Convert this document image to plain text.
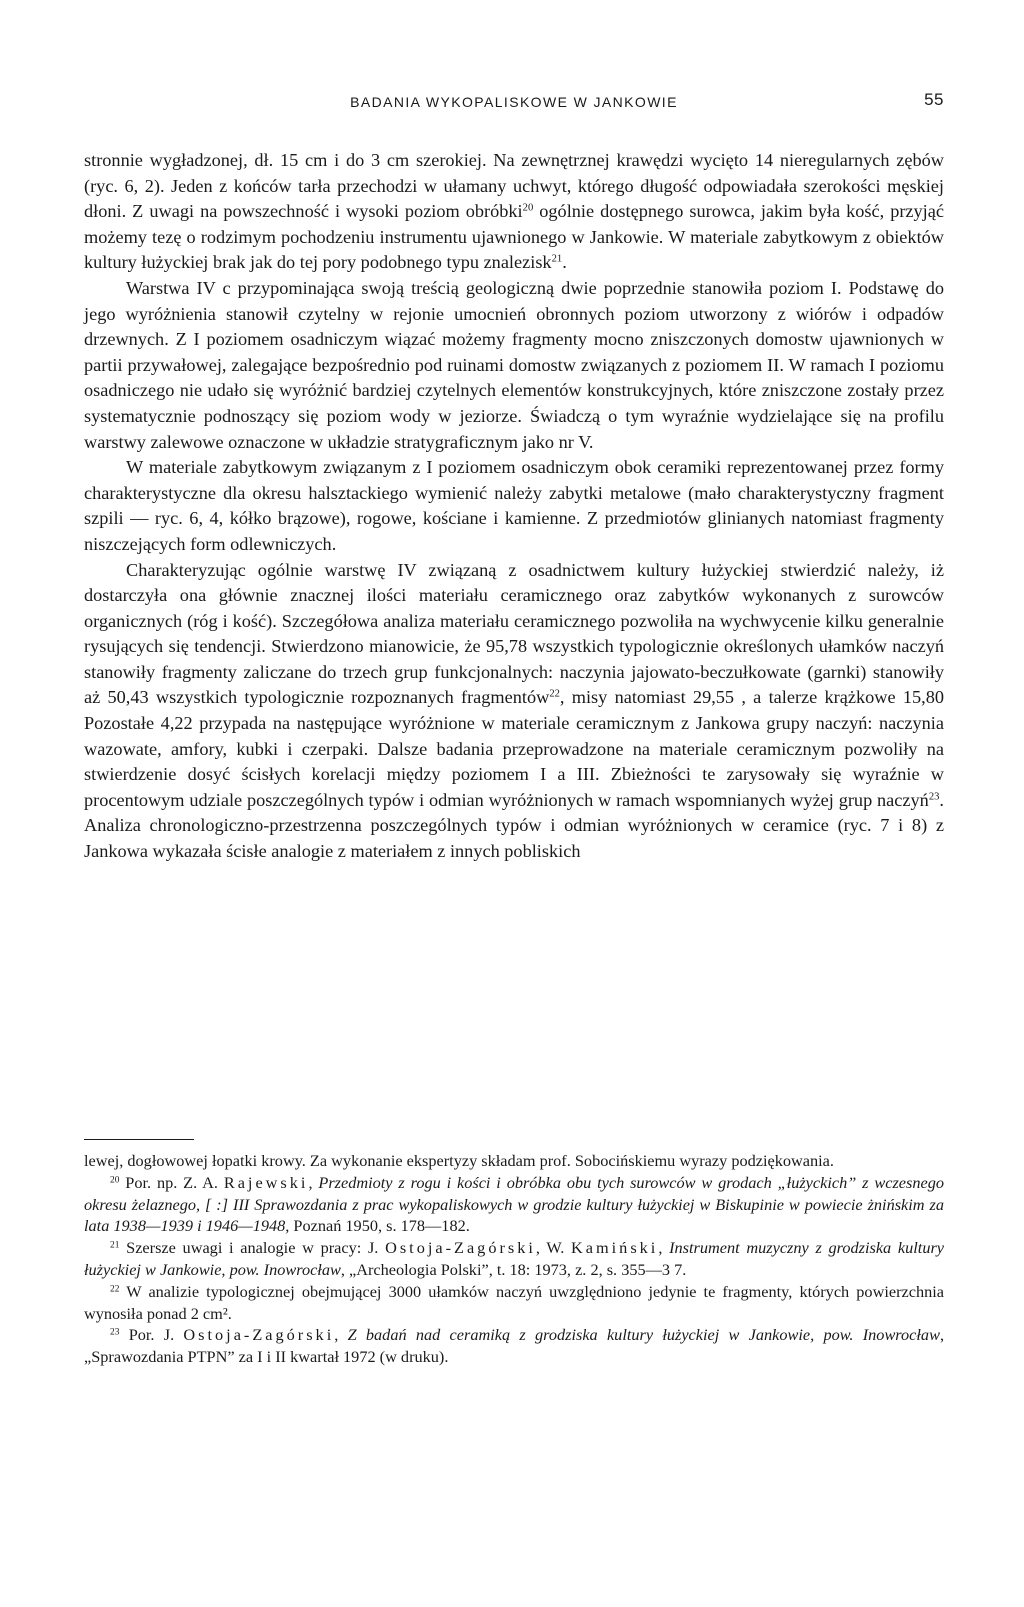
BADANIA WYKOPALISKOWE W JANKOWIE	55

stronnie wygładzonej, dł. 15 cm i do 3 cm szerokiej. Na zewnętrznej krawędzi wycięto 14 nieregularnych zębów (ryc. 6, 2). Jeden z końców tarła przechodzi w ułamany uchwyt, którego długość odpowiadała szerokości męskiej dłoni. Z uwagi na powszechność i wysoki poziom obróbki$^{20}$ ogólnie dostępnego surowca, jakim była kość, przyjąć możemy tezę o rodzimym pochodzeniu instrumentu ujawnionego w Jankowie. W materiale zabytkowym z obiektów kultury łużyckiej brak jak do tej pory podobnego typu znalezisk$^{21}$.

Warstwa IV c przypominająca swoją treścią geologiczną dwie poprzednie stanowiła poziom I. Podstawę do jego wyróżnienia stanowił czytelny w rejonie umocnień obronnych poziom utworzony z wiórów i odpadów drzewnych. Z I poziomem osadniczym wiązać możemy fragmenty mocno zniszczonych domostw ujawnionych w partii przywałowej, zalegające bezpośrednio pod ruinami domostw związanych z poziomem II. W ramach I poziomu osadniczego nie udało się wyróżnić bardziej czytelnych elementów konstrukcyjnych, które zniszczone zostały przez systematycznie podnoszący się poziom wody w jeziorze. Świadczą o tym wyraźnie wydzielające się na profilu warstwy zalewowe oznaczone w układzie stratygraficznym jako nr V.

W materiale zabytkowym związanym z I poziomem osadniczym obok ceramiki reprezentowanej przez formy charakterystyczne dla okresu halsztackiego wymienić należy zabytki metalowe (mało charakterystyczny fragment szpili — ryc. 6, 4, kółko brązowe), rogowe, kościane i kamienne. Z przedmiotów glinianych natomiast fragmenty niszczejących form odlewniczych.

Charakteryzując ogólnie warstwę IV związaną z osadnictwem kultury łużyckiej stwierdzić należy, iż dostarczyła ona głównie znacznej ilości materiału ceramicznego oraz zabytków wykonanych z surowców organicznych (róg i kość). Szczegółowa analiza materiału ceramicznego pozwoliła na wychwycenie kilku generalnie rysujących się tendencji. Stwierdzono mianowicie, że 95,78 wszystkich typologicznie określonych ułamków naczyń stanowiły fragmenty zaliczane do trzech grup funkcjonalnych: naczynia jajowato-beczułkowate (garnki) stanowiły aż 50,43 wszystkich typologicznie rozpoznanych fragmentów$^{22}$, misy natomiast 29,55 , a talerze krążkowe 15,80 Pozostałe 4,22 przypada na następujące wyróżnione w materiale ceramicznym z Jankowa grupy naczyń: naczynia wazowate, amfory, kubki i czerpaki. Dalsze badania przeprowadzone na materiale ceramicznym pozwoliły na stwierdzenie dosyć ścisłych korelacji między poziomem I a III. Zbieżności te zarysowały się wyraźnie w procentowym udziale poszczególnych typów i odmian wyróżnionych w ramach wspomnianych wyżej grup naczyń$^{23}$. Analiza chronologiczno-przestrzenna poszczególnych typów i odmian wyróżnionych w ceramice (ryc. 7 i 8) z Jankowa wykazała ścisłe analogie z materiałem z innych pobliskich

lewej, dogłowowej łopatki krowy. Za wykonanie ekspertyzy składam prof. Sobocińskiemu wyrazy podziękowania.

$^{20}$ Por. np. Z. A. Rajewski, Przedmioty z rogu i kości i obróbka obu tych surowców w grodach „łużyckich” z wczesnego okresu żelaznego, [ :] III Sprawozdania z prac wykopaliskowych w grodzie kultury łużyckiej w Biskupinie w powiecie żnińskim za lata 1938—1939 i 1946—1948, Poznań 1950, s. 178—182.

$^{21}$ Szersze uwagi i analogie w pracy: J. Ostoja-Zagórski, W. Kamiński, Instrument muzyczny z grodziska kultury łużyckiej w Jankowie, pow. Inowrocław, „Archeologia Polski”, t. 18: 1973, z. 2, s. 355—3 7.

$^{22}$ W analizie typologicznej obejmującej 3000 ułamków naczyń uwzględniono jedynie te fragmenty, których powierzchnia wynosiła ponad 2 cm².

$^{23}$ Por. J. Ostoja-Zagórski, Z badań nad ceramiką z grodziska kultury łużyckiej w Jankowie, pow. Inowrocław, „Sprawozdania PTPN” za I i II kwartał 1972 (w druku).
